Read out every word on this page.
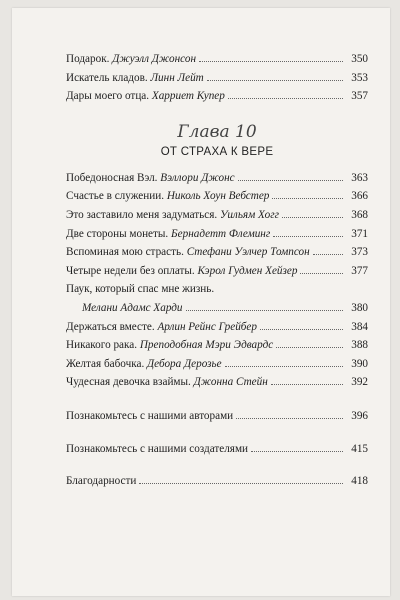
Подарок. Джуэлл Джонсон	350
Искатель кладов. Линн Лейт	353
Дары моего отца. Харриет Купер	357
Глава 10
ОТ СТРАХА К ВЕРЕ
Победоносная Вэл. Вэллори Джонс	363
Счастье в служении. Николь Хоун Вебстер	366
Это заставило меня задуматься. Уильям Хогг	368
Две стороны монеты. Бернадетт Флеминг	371
Вспоминая мою страсть. Стефани Уэлчер Томпсон	373
Четыре недели без оплаты. Кэрол Гудмен Хейзер	377
Паук, который спас мне жизнь.
Мелани Адамс Харди	380
Держаться вместе. Арлин Рейнс Грейбер	384
Никакого рака. Преподобная Мэри Эдвардс	388
Желтая бабочка. Дебора Дерозье	390
Чудесная девочка взаймы. Джонна Стейн	392
Познакомьтесь с нашими авторами	396
Познакомьтесь с нашими создателями	415
Благодарности	418
